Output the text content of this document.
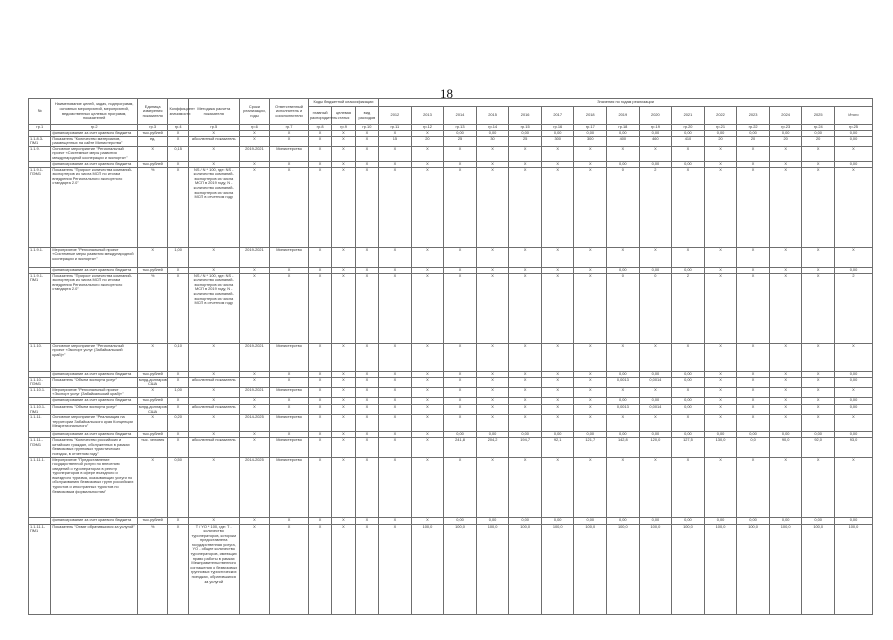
18
№	Наименование целей, задач, подпрограмм, основных мероприятий, мероприятий, ведомственных целевых программ, показателей	Единица измерения показателя	Коэффициент значимости	Методика расчета показателя	Сроки реализации, годы	Ответственный исполнитель и соисполнители	Коды бюджетной классификации			Значения по годам реализации														
							главный распорядитель	целевая статья	вид расходов	2012	2013	2014	2015	2016	2017	2018	2019	2020	2021	2022	2023	2024	2025	Итого
гр.1	гр.2	гр.3	гр.4	гр.5	гр.6	гр.7	гр.8	гр.9	гр.10	гр.11	гр.12	гр.13	гр.14	гр.15	гр.16	гр.17	гр.18	гр.19	гр.20	гр.21	гр.22	гр.23	гр.24	гр.25
	финансирование за счет краевого бюджета	тыс.рублей	X	X	X	X	X	X	X	X	X	0,00	0,00	0,00	0,00	0,00	0,00	0,00	0,00	0,00	0,00	0,00	0,00	0,00
1.1.8.3-ПМ1	Показатель "Количество материалов, размещенных на сайте Министерства"	ед.	X	абсолютный показатель	X	X	X	X	X	15	20	25	30	25	300	300	400	460	410	20	20	20	20	0,00
1.1.9.	Основное мероприятие "Региональный проект «Системные меры развития международной кооперации и экспорта»"	X	0,15	X	2019-2021	Министерство	X	X	X	X	X	X	X	X	X	X	X	X	X	X	X	X	X	X
	финансирование за счет краевого бюджета	тыс.рублей	X	X	X	X	X	X	X	X	X	X	X	X	X	X	0,00	0,00	0,00	X	X	X	X	0,00
1.1.9.1-ПЭМ1	Показатель "Прирост количества компаний-экспортеров из числа МСП по итогам внедрения Регионального экспортного стандарта 2.0"	%	X	NS / N * 100, где: NS - количество компаний-экспортеров из числа МСП в 2019 году, N - количество компаний-экспортеров из числа МСП в отчетном году	X	X	X	X	X	X	X	X	X	X	X	X	0	2	X	X	X	X	X	X
1.1.9.1.	Мероприятие "Региональный проект «Системные меры развития международной кооперации и экспорта»"	X	1,00	X	2019-2021	Министерство	X	X	X	X	X	X	X	X	X	X	X	X	X	X	X	X	X	X
	финансирование за счет краевого бюджета	тыс.рублей	X	X	X	X	X	X	X	X	X	X	X	X	X	X	0,00	0,00	0,00	X	X	X	X	0,00
1.1.9.1-ПМ1	Показатель "Прирост количества компаний-экспортеров из числа МСП по итогам внедрения Регионального экспортного стандарта 2.0"	%	X	NS / N * 100, где: NS - количество компаний-экспортеров из числа МСП в 2019 году, N - количество компаний-экспортеров из числа МСП в отчетном году	X	X	X	X	X	X	X	X	X	X	X	X	0	0	2	X	X	X	X	2
1.1.10.	Основное мероприятие "Региональный проект «Экспорт услуг (Забайкальский край)»"	X	0,10	X	2019-2021	Министерство	X	X	X	X	X	X	X	X	X	X	X	X	X	X	X	X	X	X
	финансирование за счет краевого бюджета	тыс.рублей	X	X	X	X	X	X	X	X	X	X	X	X	X	X	0,00	0,00	0,00	X	X	X	X	0,00
1.1.10.-ПЭМ1	Показатель "Объем экспорта услуг"	млрд.долларов США	X	абсолютный показатель	X	X	X	X	X	X	X	X	X	X	X	X	0,0013	0,0014	0,00	X	X	X	X	0,00
1.1.10.1.	Мероприятие "Региональный проект «Экспорт услуг (Забайкальский край)»"	X	1,00	X	2019-2021	Министерство	X	X	X	X	X	X	X	X	X	X	X	X	X	X	X	X	X	X
	финансирование за счет краевого бюджета	тыс.рублей	X	X	X	X	X	X	X	X	X	X	X	X	X	X	0,00	0,00	0,00	X	X	X	X	0,00
1.1.10.1-ПМ1	Показатель "Объем экспорта услуг"	млрд.долларов США	X	абсолютный показатель	X	X	X	X	X	X	X	X	X	X	X	X	0,0013	0,0014	0,00	X	X	X	X	0,00
1.1.11.	Основное мероприятие "Реализация на территории Забайкальского края Концепции Межрегионального"	X	0,20	X	2014-2025	Министерство	X	X	X	X	X	X	X	X	X	X	X	X	X	X	X	X	X	X
	финансирование за счет краевого бюджета	тыс.рублей	X	X	X	X	X	X	X	X	X	0,00	0,00	0,00	0,00	0,00	0,00	0,00	0,00	0,00	0,00	0,00	0,00	0,00
1.1.11.-ПЭМ1	Показатель "Количество российских и китайских граждан, обслуженных в рамках безвизовых групповых туристических поездок, в отчетном году"	тыс. человек	X	абсолютный показатель	X	Министерство	X	X	X	X	X	241,8	204,2	194,7	92,1	121,7	142,8	120,0	127,5	130,0	0,0	90,0	92,0	93,0
1.1.11.1.	Мероприятие "Предоставление государственной услуги по внесению сведений о туроператорах в реестр туроператоров в сфере въездного и выездного туризма, оказывающих услуги по обслуживанию безвизовых групп российских туристов и иностранных туристов по безвизовым формальностям"	X	0,50	X	2014-2025	Министерство	X	X	X	X	X	X	X	X	X	X	X	X	X	X	X	X	X	X
	финансирование за счет краевого бюджета	тыс.рублей	X	X	X	X	X	X	X	X	X	0,00	0,00	0,00	0,00	0,00	0,00	0,00	0,00	0,00	0,00	0,00	0,00	0,00
1.1.11.1-ПМ1	Показатель "Охват обратившихся за услугой"	%	X	T / YO * 100, где: T - количество туроператоров, которым предоставлена государственная услуга, YO - общее количество туроператоров, имеющих право работы в рамках Межправительственного соглашения о безвизовых групповых туристических поездках, обратившихся за услугой	X	X	X	X	X	X	100,0	100,0	100,0	100,0	100,0	100,0	100,0	100,0	100,0	100,0	100,0	100,0	100,0	100,0
